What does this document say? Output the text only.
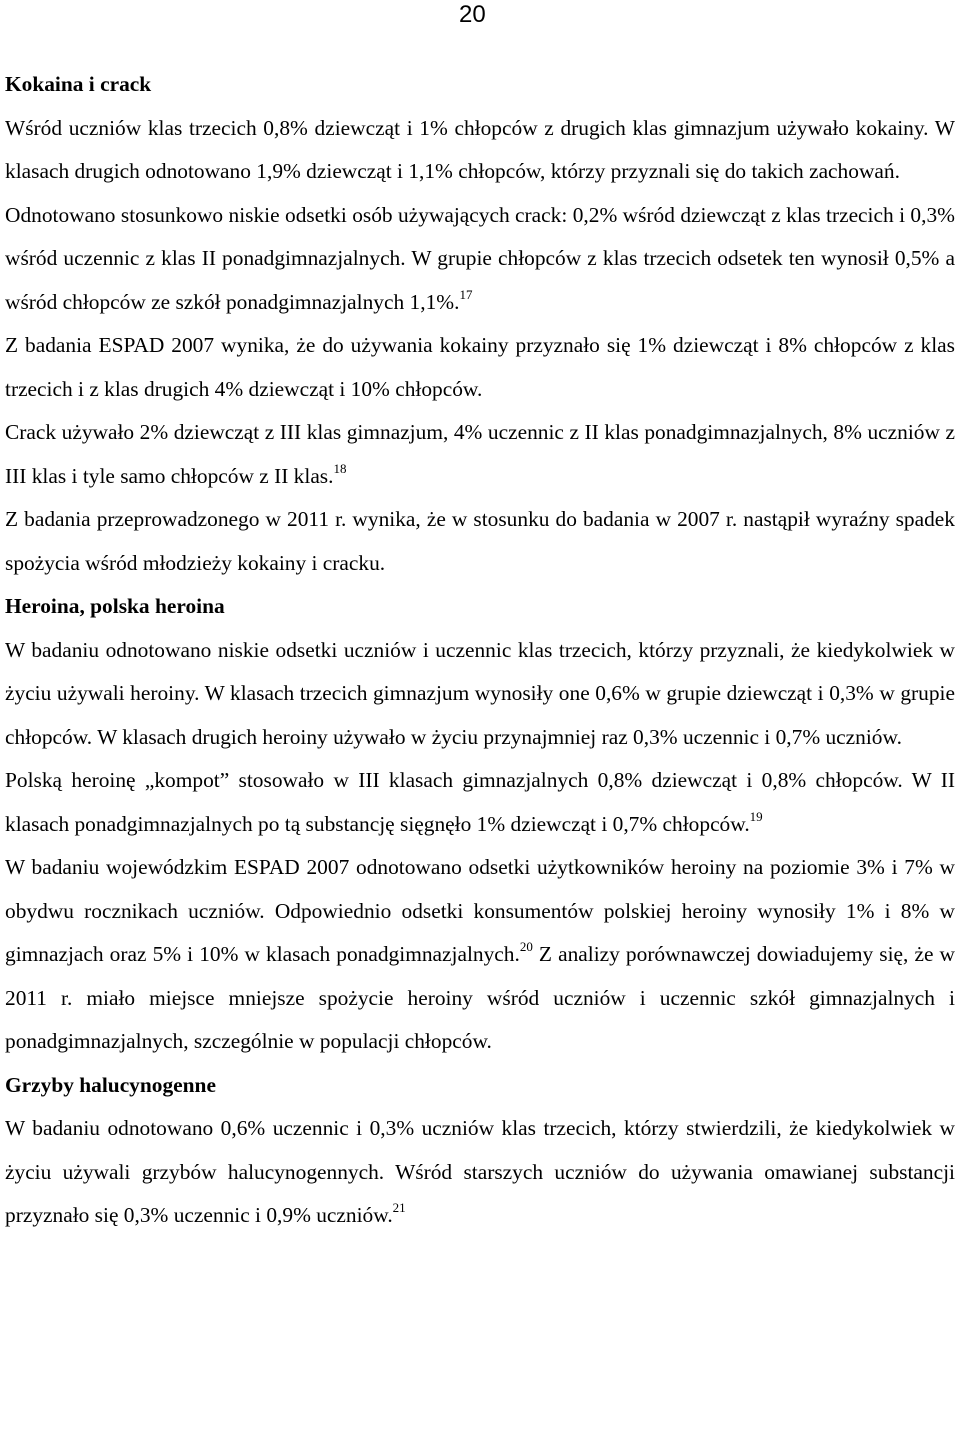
20
Kokaina i crack

Wśród uczniów klas trzecich 0,8% dziewcząt i 1% chłopców z drugich klas gimnazjum używało kokainy. W klasach drugich odnotowano 1,9% dziewcząt i 1,1% chłopców, którzy przyznali się do takich zachowań.

Odnotowano stosunkowo niskie odsetki osób używających crack: 0,2% wśród dziewcząt z klas trzecich i 0,3% wśród uczennic z klas II ponadgimnazjalnych. W grupie chłopców z klas trzecich odsetek ten wynosił 0,5% a wśród chłopców ze szkół ponadgimnazjalnych 1,1%.$^{17}$

Z badania ESPAD 2007 wynika, że do używania kokainy przyznało się 1% dziewcząt i 8% chłopców z klas trzecich i z klas drugich 4% dziewcząt i 10% chłopców.

Crack używało 2% dziewcząt z III klas gimnazjum, 4% uczennic z II klas ponadgimnazjalnych, 8% uczniów z III klas i tyle samo chłopców z II klas.$^{18}$

Z badania przeprowadzonego w 2011 r. wynika, że w stosunku do badania w 2007 r. nastąpił wyraźny spadek spożycia wśród młodzieży kokainy i cracku.

Heroina, polska heroina

W badaniu odnotowano niskie odsetki uczniów i uczennic klas trzecich, którzy przyznali, że kiedykolwiek w życiu używali heroiny. W klasach trzecich gimnazjum wynosiły one 0,6% w grupie dziewcząt i 0,3% w grupie chłopców. W klasach drugich heroiny używało w życiu przynajmniej raz 0,3% uczennic i 0,7% uczniów.

Polską heroinę „kompot” stosowało w III klasach gimnazjalnych 0,8% dziewcząt i 0,8% chłopców. W II klasach ponadgimnazjalnych po tą substancję sięgnęło 1% dziewcząt i 0,7% chłopców.$^{19}$

W badaniu wojewódzkim ESPAD 2007 odnotowano odsetki użytkowników heroiny na poziomie 3% i 7% w obydwu rocznikach uczniów. Odpowiednio odsetki konsumentów polskiej heroiny wynosiły 1% i 8% w gimnazjach oraz 5% i 10% w klasach ponadgimnazjalnych.$^{20}$ Z analizy porównawczej dowiadujemy się, że w 2011 r. miało miejsce mniejsze spożycie heroiny wśród uczniów i uczennic szkół gimnazjalnych i ponadgimnazjalnych, szczególnie w populacji chłopców.

Grzyby halucynogenne

W badaniu odnotowano 0,6% uczennic i 0,3% uczniów klas trzecich, którzy stwierdzili, że kiedykolwiek w życiu używali grzybów halucynogennych. Wśród starszych uczniów do używania omawianej substancji przyznało się 0,3% uczennic i 0,9% uczniów.$^{21}$
